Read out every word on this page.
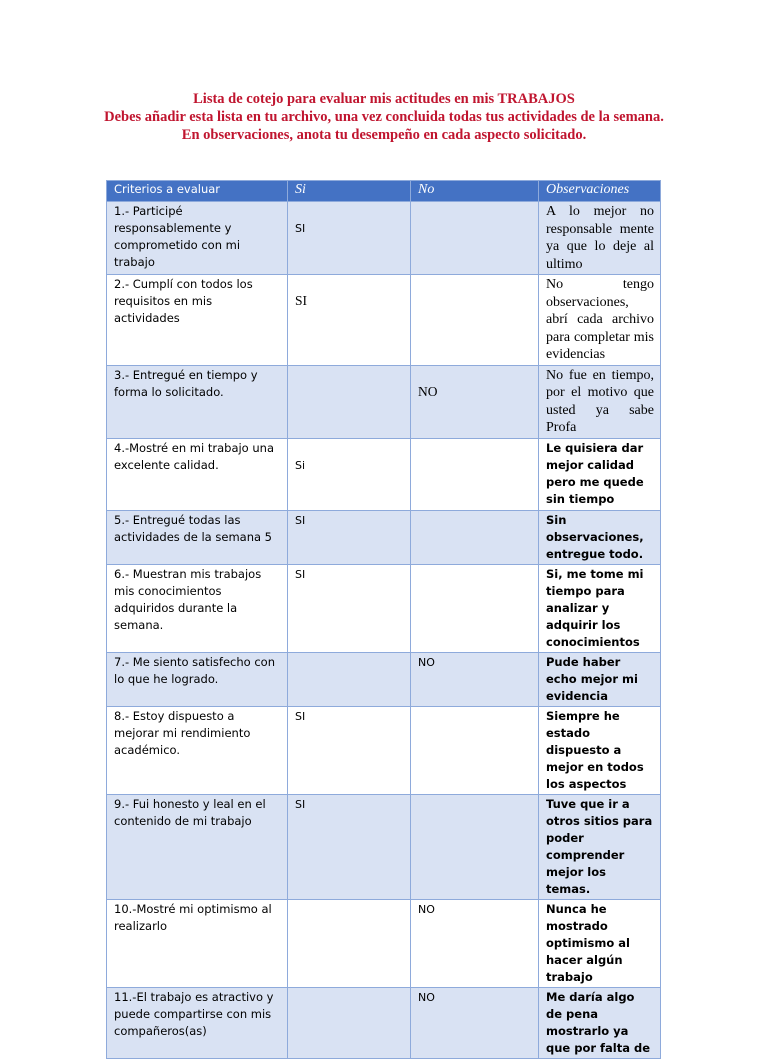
Lista de cotejo para evaluar mis actitudes en mis TRABAJOS
Debes añadir esta lista en tu archivo, una vez concluida todas tus actividades de la semana.
En observaciones, anota tu desempeño en cada aspecto solicitado.
Criterios a evaluar	Si	No	Observaciones
1.- Participé responsablemente y comprometido con mi trabajo	SI		A lo mejor no responsable mente ya que lo deje al ultimo
2.- Cumplí con todos los requisitos en mis actividades	SI		No tengo observaciones, abrí cada archivo para completar mis evidencias
3.- Entregué en tiempo y forma lo solicitado.		NO	No fue en tiempo, por el motivo que usted ya sabe Profa
4.-Mostré en mi trabajo una excelente calidad.	Si		Le quisiera dar mejor calidad pero me quede sin tiempo
5.- Entregué todas las actividades de la semana 5	SI		Sin observaciones, entregue todo.
6.- Muestran mis trabajos mis conocimientos adquiridos durante la semana.	SI		Si, me tome mi tiempo para analizar y adquirir los conocimientos
7.- Me siento satisfecho con lo que he logrado.		NO	Pude haber echo mejor mi evidencia
8.- Estoy dispuesto a mejorar mi rendimiento académico.	SI		Siempre he estado dispuesto a mejor en todos los aspectos
9.- Fui honesto y leal en el contenido de mi trabajo	SI		Tuve que ir a otros sitios para poder comprender mejor los temas.
10.-Mostré mi optimismo al realizarlo		NO	Nunca he mostrado optimismo al hacer algún trabajo
11.-El trabajo es atractivo y puede compartirse con mis compañeros(as)		NO	Me daría algo de pena mostrarlo ya que por falta de
